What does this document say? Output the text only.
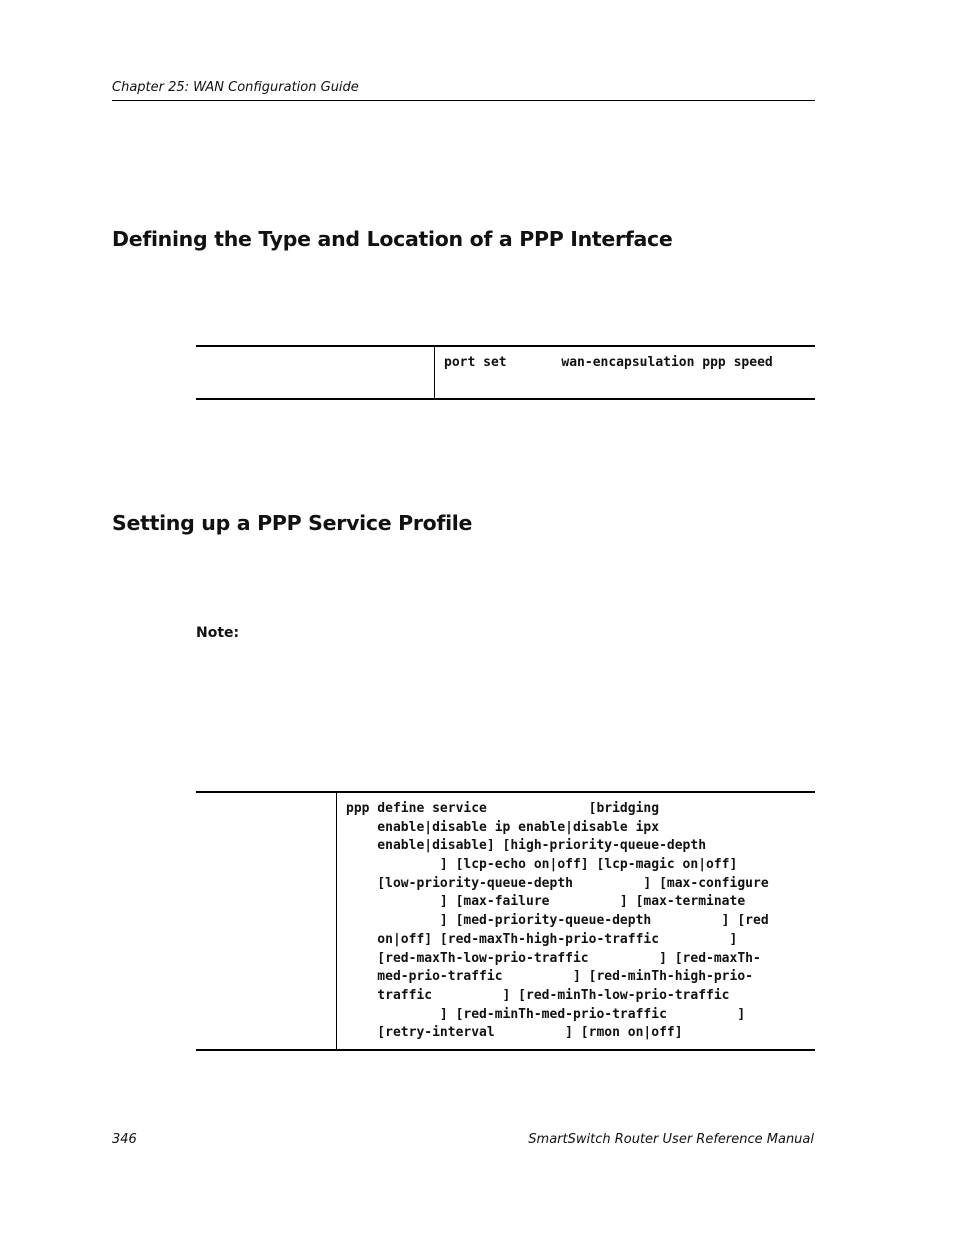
Chapter 25: WAN Configuration Guide
Defining the Type and Location of a PPP Interface
port set       wan-encapsulation ppp speed
Setting up a PPP Service Profile
Note:
ppp define service             [bridging
enable|disable ip enable|disable ipx
enable|disable] [high-priority-queue-depth
] [lcp-echo on|off] [lcp-magic on|off]
[low-priority-queue-depth         ] [max-configure
] [max-failure         ] [max-terminate
] [med-priority-queue-depth         ] [red
on|off] [red-maxTh-high-prio-traffic         ]
[red-maxTh-low-prio-traffic         ] [red-maxTh-
med-prio-traffic         ] [red-minTh-high-prio-
traffic         ] [red-minTh-low-prio-traffic
] [red-minTh-med-prio-traffic         ]
[retry-interval         ] [rmon on|off]
346	SmartSwitch Router User Reference Manual
